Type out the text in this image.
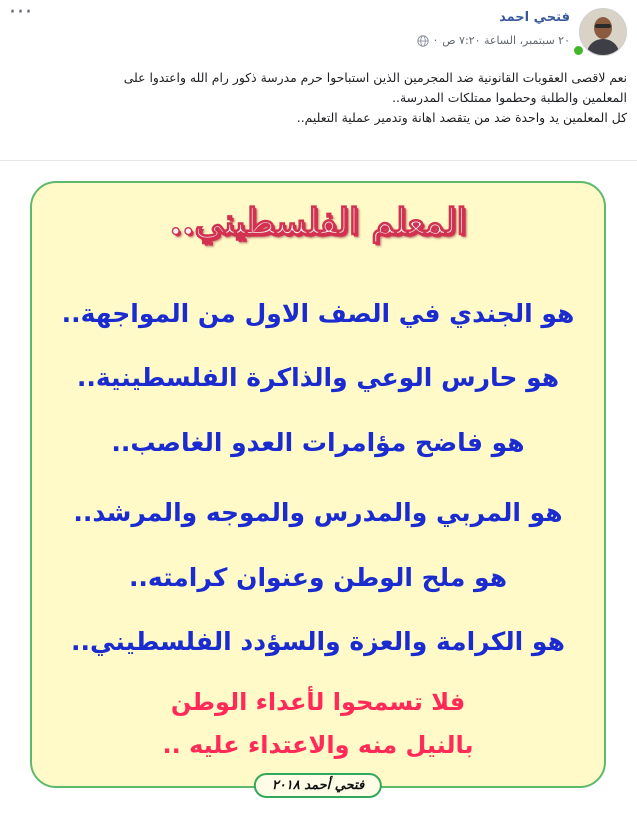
···	فتحي احمد
٢٠ سبتمبر، الساعة ٧:٢٠ ص
·

نعم لاقصى العقوبات القانونية ضد المجرمين الذين استباحوا حرم مدرسة ذكور رام الله واعتدوا على

المعلمين والطلبة وحطموا ممتلكات المدرسة..

كل المعلمين يد واحدة ضد من يتقصد اهانة وتدمير عملية التعليم..

المعلم الفلسطيني..
هو الجندي في الصف الاول من المواجهة..
هو حارس الوعي والذاكرة الفلسطينية..
هو فاضح مؤامرات العدو الغاصب..
هو المربي والمدرس والموجه والمرشد..
هو ملح الوطن وعنوان كرامته..
هو الكرامة والعزة والسؤدد الفلسطيني..
فلا تسمحوا لأعداء الوطن
بالنيل منه والاعتداء عليه ..
فتحي أحمد ٢٠١٨
